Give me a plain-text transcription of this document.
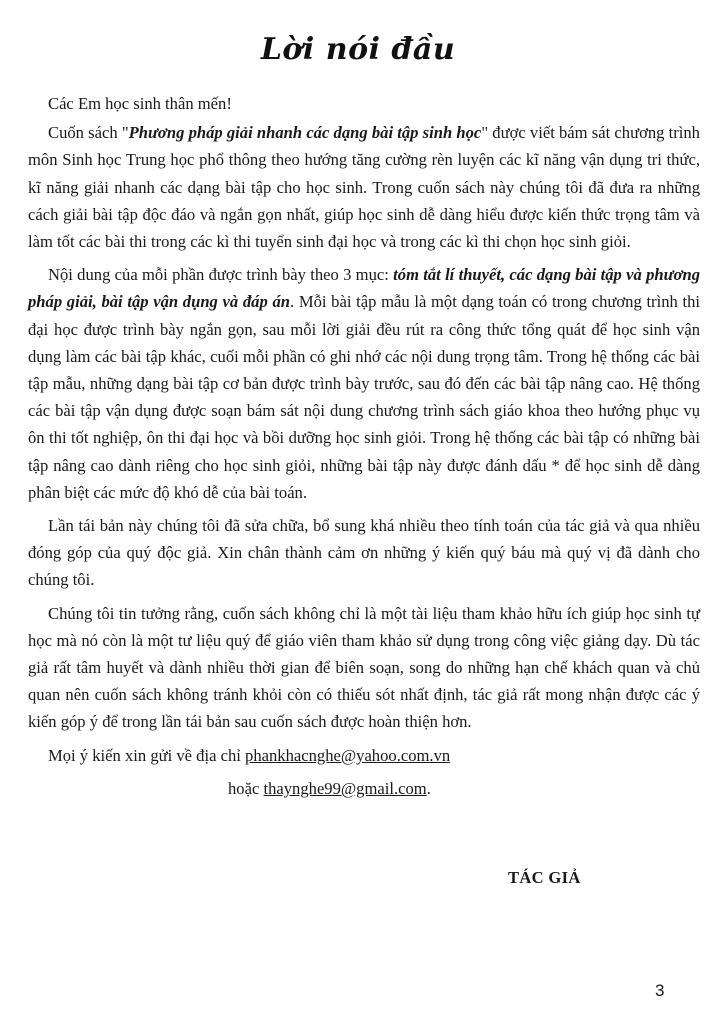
Lời nói đầu

Các Em học sinh thân mến!

Cuốn sách "Phương pháp giải nhanh các dạng bài tập sinh học" được viết bám sát chương trình môn Sinh học Trung học phổ thông theo hướng tăng cường rèn luyện các kĩ năng vận dụng tri thức, kĩ năng giải nhanh các dạng bài tập cho học sinh. Trong cuốn sách này chúng tôi đã đưa ra những cách giải bài tập độc đáo và ngắn gọn nhất, giúp học sinh dễ dàng hiểu được kiến thức trọng tâm và làm tốt các bài thi trong các kì thi tuyển sinh đại học và trong các kì thi chọn học sinh giỏi.

Nội dung của mỗi phần được trình bày theo 3 mục: tóm tắt lí thuyết, các dạng bài tập và phương pháp giải, bài tập vận dụng và đáp án. Mỗi bài tập mẫu là một dạng toán có trong chương trình thi đại học được trình bày ngắn gọn, sau mỗi lời giải đều rút ra công thức tổng quát để học sinh vận dụng làm các bài tập khác, cuối mỗi phần có ghi nhớ các nội dung trọng tâm. Trong hệ thống các bài tập mẫu, những dạng bài tập cơ bản được trình bày trước, sau đó đến các bài tập nâng cao. Hệ thống các bài tập vận dụng được soạn bám sát nội dung chương trình sách giáo khoa theo hướng phục vụ ôn thi tốt nghiệp, ôn thi đại học và bồi dưỡng học sinh giỏi. Trong hệ thống các bài tập có những bài tập nâng cao dành riêng cho học sinh giỏi, những bài tập này được đánh dấu * để học sinh dễ dàng phân biệt các mức độ khó dễ của bài toán.

Lần tái bản này chúng tôi đã sửa chữa, bổ sung khá nhiều theo tính toán của tác giả và qua nhiều đóng góp của quý độc giả. Xin chân thành cảm ơn những ý kiến quý báu mà quý vị đã dành cho chúng tôi.

Chúng tôi tin tưởng rằng, cuốn sách không chỉ là một tài liệu tham khảo hữu ích giúp học sinh tự học mà nó còn là một tư liệu quý để giáo viên tham khảo sử dụng trong công việc giảng dạy. Dù tác giả rất tâm huyết và dành nhiều thời gian để biên soạn, song do những hạn chế khách quan và chủ quan nên cuốn sách không tránh khỏi còn có thiếu sót nhất định, tác giả rất mong nhận được các ý kiến góp ý để trong lần tái bản sau cuốn sách được hoàn thiện hơn.

Mọi ý kiến xin gửi về địa chỉ phankhacnghe@yahoo.com.vn

hoặc thaynghe99@gmail.com.

TÁC GIẢ
3
